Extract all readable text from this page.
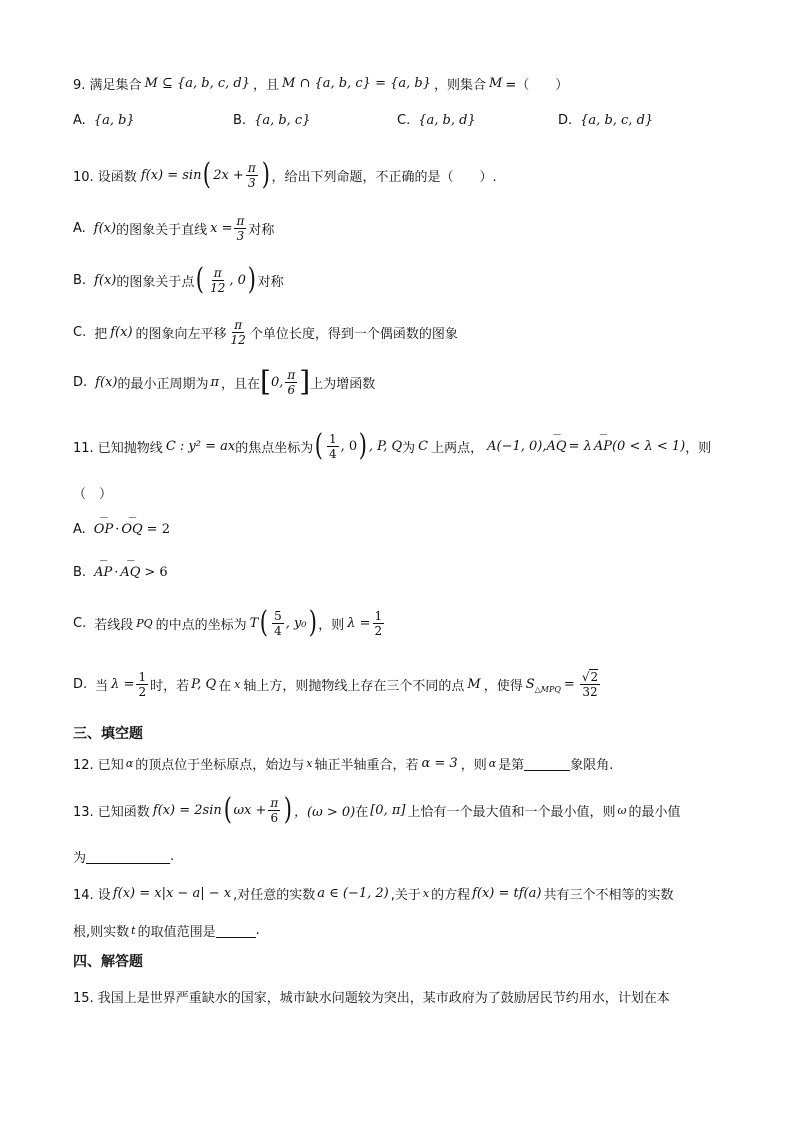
9. 满足集合 M ⊆ {a, b, c, d} ，且 M ∩ {a, b, c} = {a, b} ，则集合 M =（　　）
A. {a, b}	B. {a, b, c}	C. {a, b, d}	D. {a, b, c, d}
10. 设函数 f(x) = sin ( $2x + \frac{\pi}{3}$ ) ，给出下列命题，不正确的是（　　）.
A. f(x) 的图象关于直线 $x = \frac{\pi}{3}$ 对称
B. f(x) 的图象关于点 ( $\frac{\pi}{12}$ , 0 ) 对称
C. 把 f(x) 的图象向左平移 $\frac{\pi}{12}$ 个单位长度，得到一个偶函数的图象
D. f(x) 的最小正周期为 π ，且在 [ 0, $\frac{\pi}{6}$ ] 上为增函数
11. 已知抛物线 C : y² = ax 的焦点坐标为 ( $\frac{1}{4}$ , 0 ) , P, Q 为 C 上两点， A(−1, 0), ⌢⌢ AQ = λ ⌢⌢ AP (0 < λ < 1) ，则
（　）
A. ⌢⌢ OP · ⌢⌢ OQ = 2
B. ⌢⌢ AP · ⌢⌢ AQ > 6
C. 若线段 PQ 的中点的坐标为 T ( $\frac{5}{4}$ , y₀ ) ，则 $\lambda = \frac{1}{2}$
D. 当 $\lambda = \frac{1}{2}$ 时，若 P, Q 在 x 轴上方，则抛物线上存在三个不同的点 M ，使得 S △MPQ = $\frac{√2}{32}$
三、填空题
12. 已知 α 的顶点位于坐标原点，始边与 x 轴正半轴重合，若 α = 3 ，则 α 是第	象限角.
13. 已知函数 f(x) = 2sin ( $\omega x + \frac{\pi}{6}$ ) ，(ω > 0) 在 [0, π] 上恰有一个最大值和一个最小值，则 ω 的最小值
为	.
14. 设 f(x) = x|x − a| − x ,对任意的实数 a ∈ (−1, 2) ,关于 x 的方程 f(x) = tf(a) 共有三个不相等的实数
根,则实数 t 的取值范围是	.
四、解答题
15. 我国上是世界严重缺水的国家，城市缺水问题较为突出，某市政府为了鼓励居民节约用水，计划在本
